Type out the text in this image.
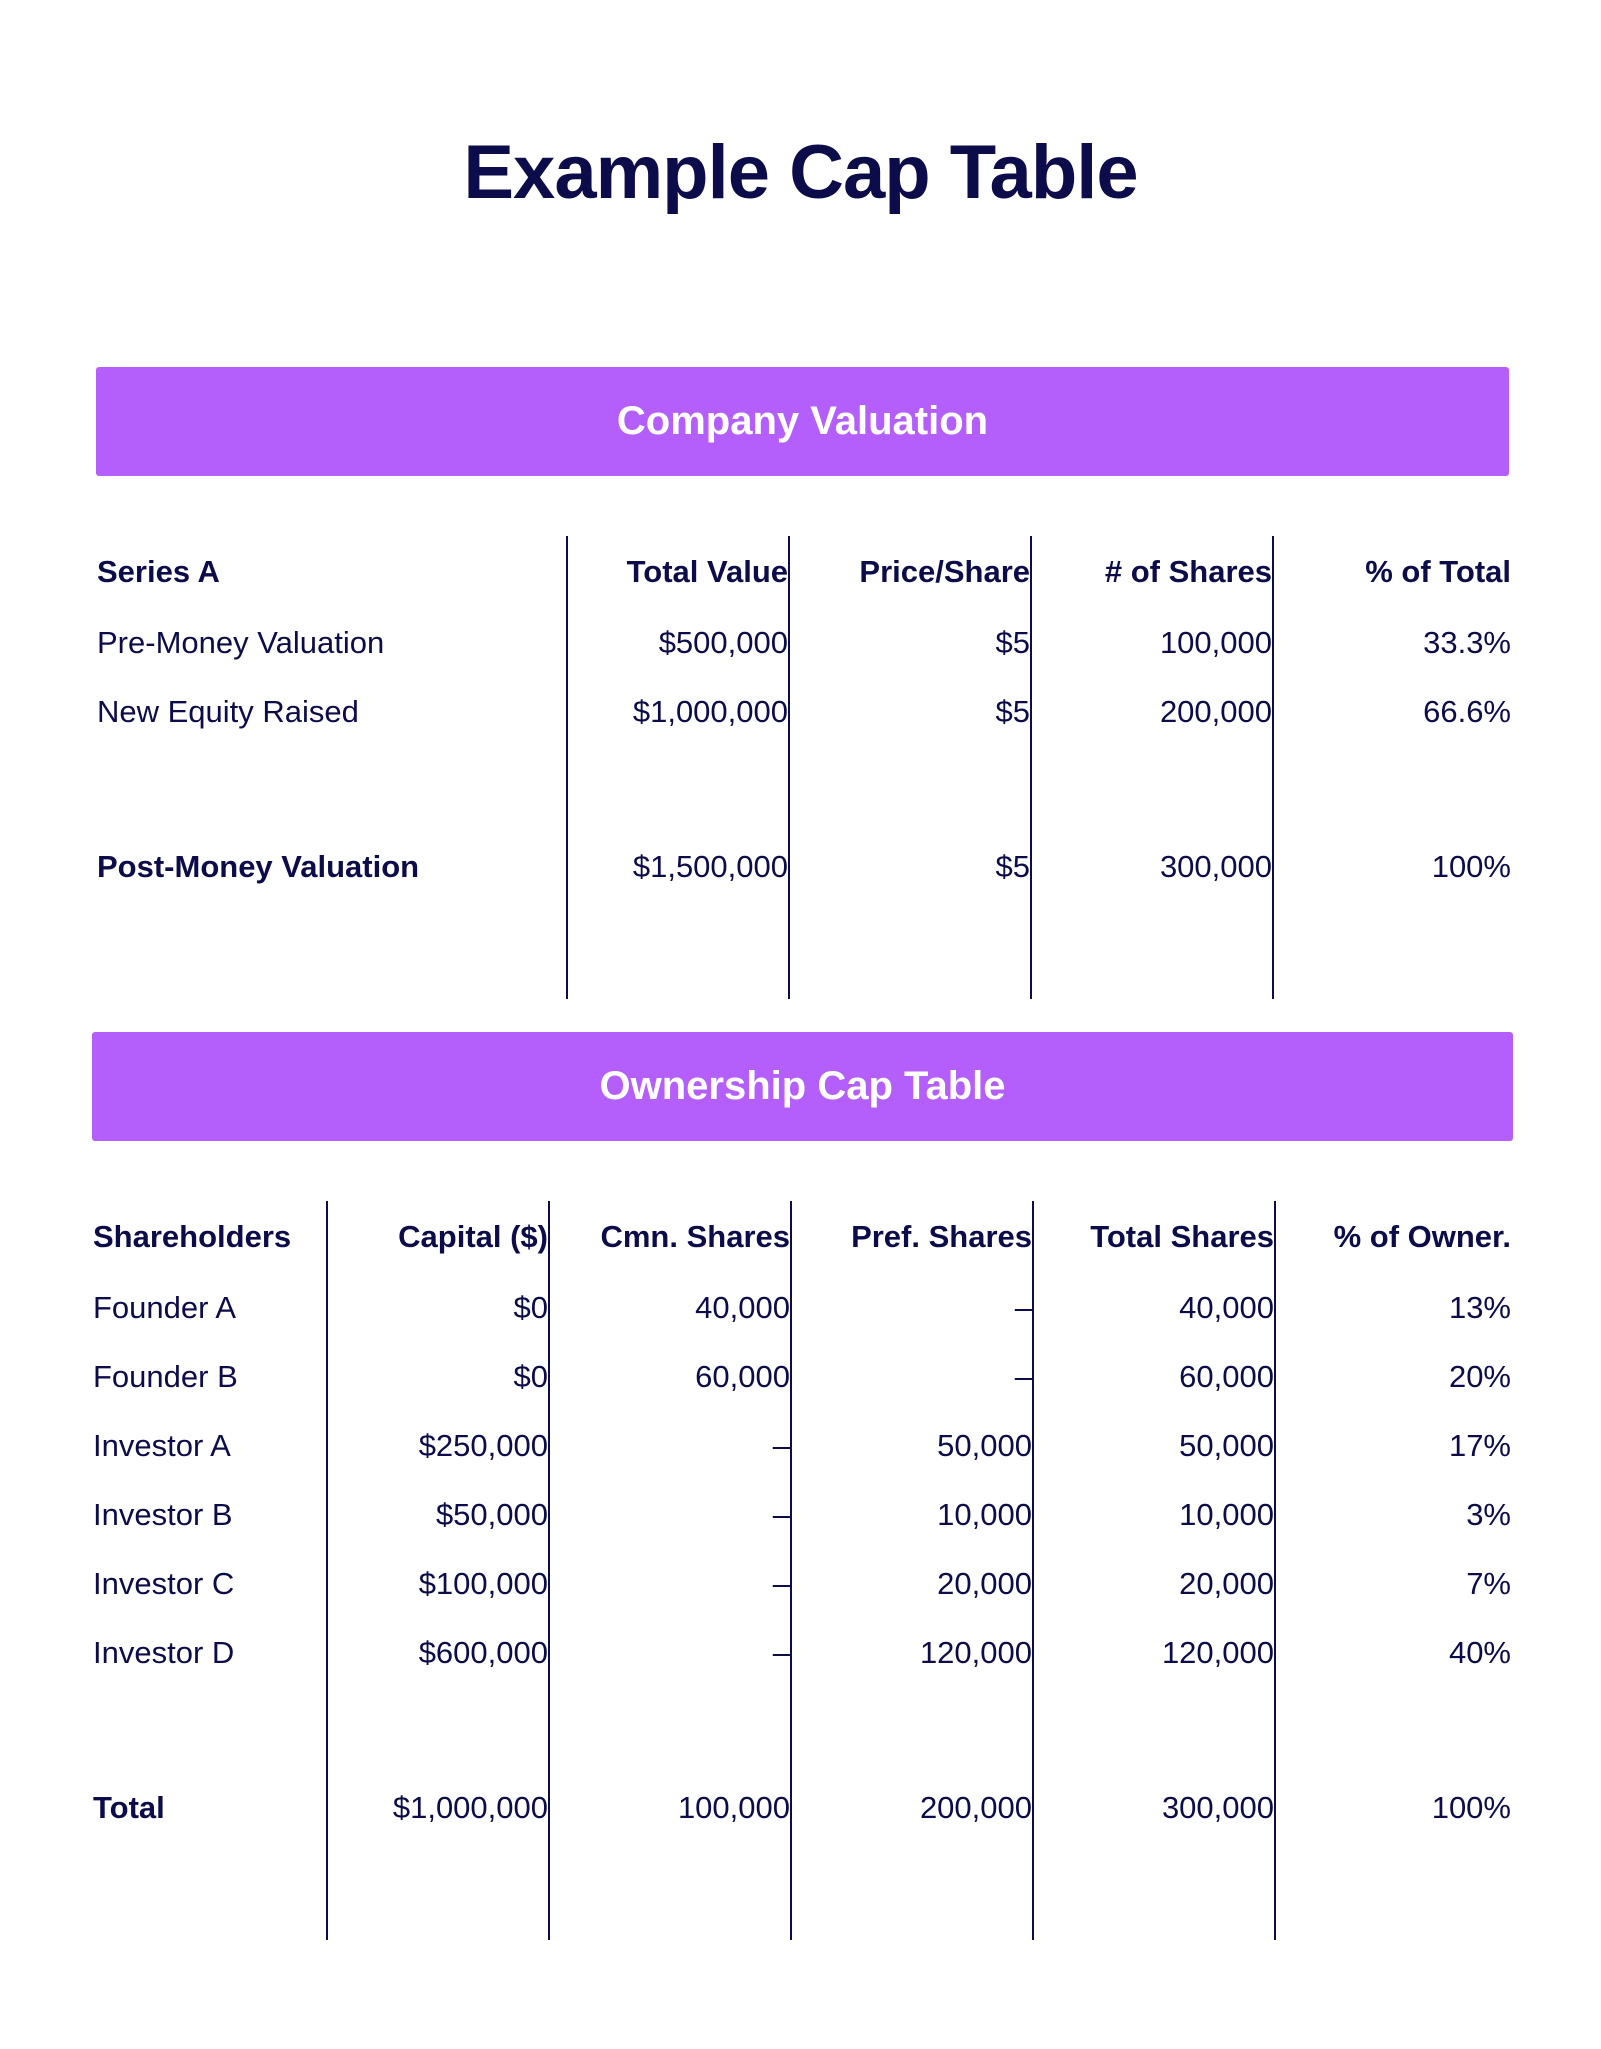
Example Cap Table
Company Valuation
Series A	Total Value	Price/Share	# of Shares	% of Total
Pre-Money Valuation	$500,000	$5	100,000	33.3%
New Equity Raised	$1,000,000	$5	200,000	66.6%

Post-Money Valuation	$1,500,000	$5	300,000	100%

Ownership Cap Table
Shareholders	Capital ($)	Cmn. Shares	Pref. Shares	Total Shares	% of Owner.
Founder A	$0	40,000	–	40,000	13%
Founder B	$0	60,000	–	60,000	20%
Investor A	$250,000	–	50,000	50,000	17%
Investor B	$50,000	–	10,000	10,000	3%
Investor C	$100,000	–	20,000	20,000	7%
Investor D	$600,000	–	120,000	120,000	40%

Total	$1,000,000	100,000	200,000	300,000	100%
